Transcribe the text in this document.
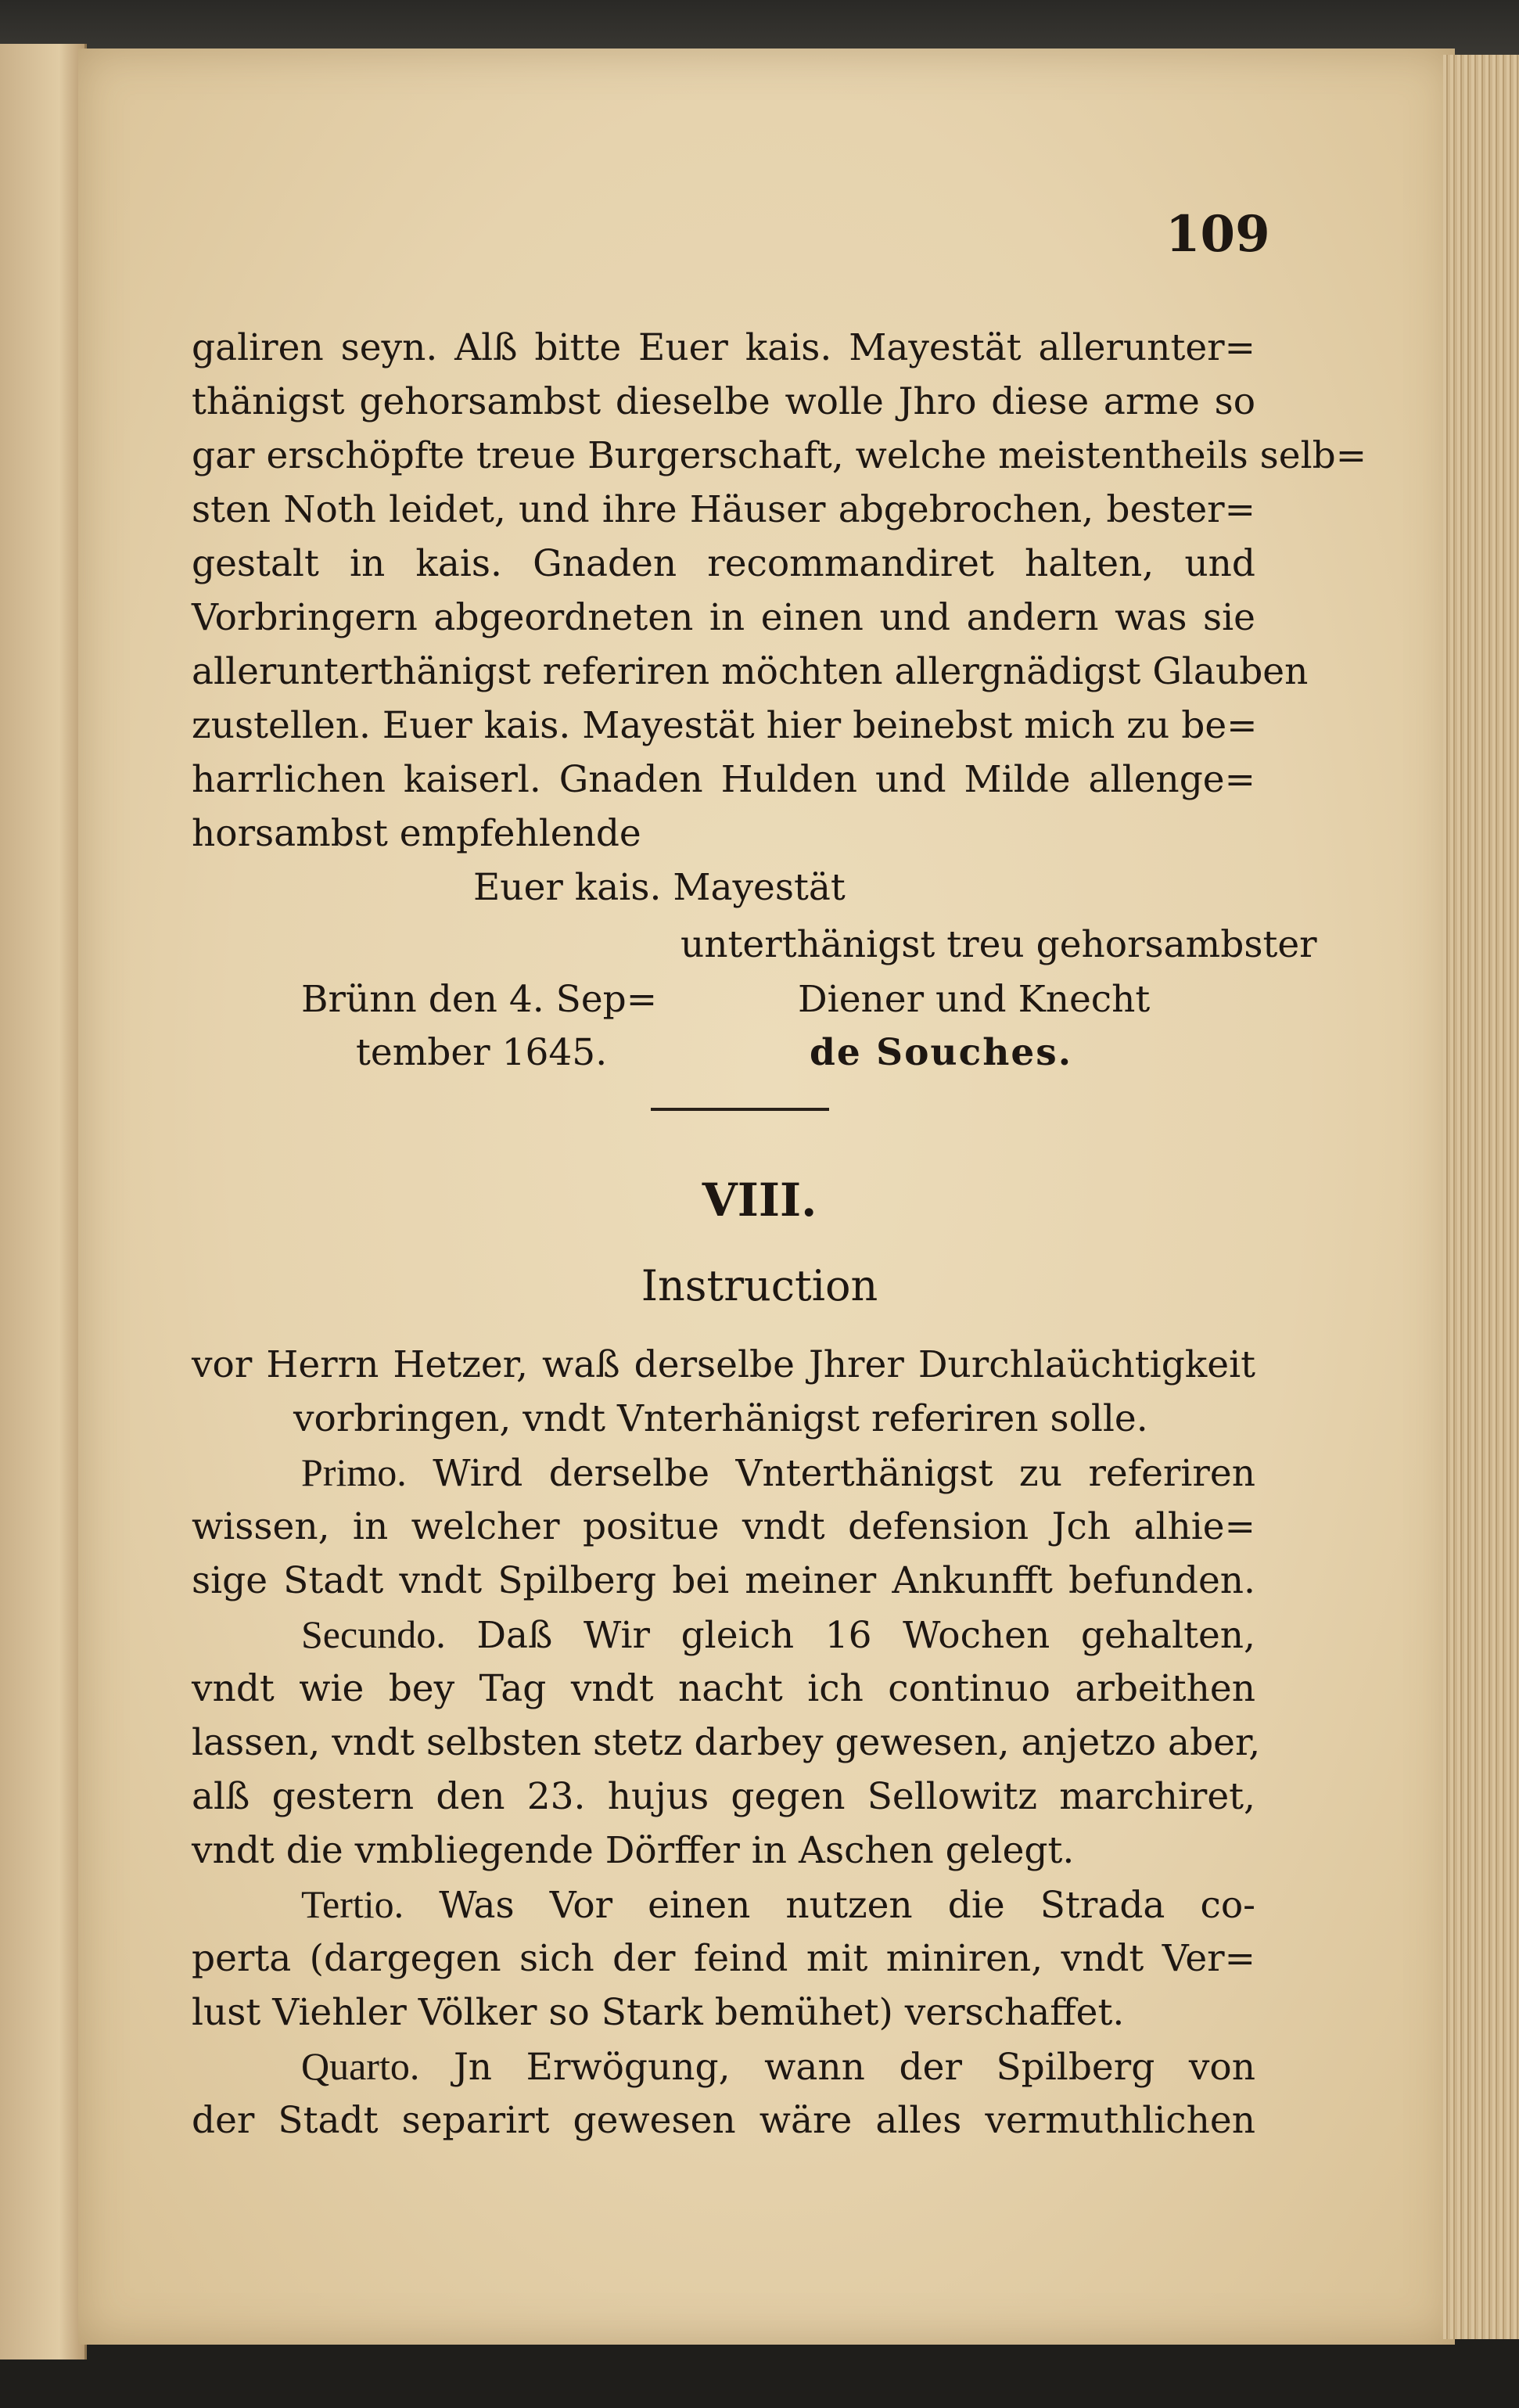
109
galiren seyn. Alß bitte Euer kais. Mayestät allerunter=
thänigst gehorsambst dieselbe wolle Jhro diese arme so
gar erschöpfte treue Burgerschaft, welche meistentheils selb=
sten Noth leidet, und ihre Häuser abgebrochen, bester=
gestalt in kais. Gnaden recommandiret halten, und
Vorbringern abgeordneten in einen und andern was sie
allerunterthänigst referiren möchten allergnädigst Glauben
zustellen. Euer kais. Mayestät hier beinebst mich zu be=
harrlichen kaiserl. Gnaden Hulden und Milde allenge=
horsambst empfehlende
Euer kais. Mayestät
unterthänigst treu gehorsambster
Brünn den 4. Sep=	Diener und Knecht
tember 1645.	de Souches.
VIII.
Instruction
vor Herrn Hetzer, waß derselbe Jhrer Durchlaüchtigkeit
vorbringen, vndt Vnterhänigst referiren solle.
Primo. Wird derselbe Vnterthänigst zu referiren
wissen, in welcher positue vndt defension Jch alhie=
sige Stadt vndt Spilberg bei meiner Ankunfft befunden.
Secundo. Daß Wir gleich 16 Wochen gehalten,
vndt wie bey Tag vndt nacht ich continuo arbeithen
lassen, vndt selbsten stetz darbey gewesen, anjetzo aber,
alß gestern den 23. hujus gegen Sellowitz marchiret,
vndt die vmbliegende Dörffer in Aschen gelegt.
Tertio. Was Vor einen nutzen die Strada co-
perta (dargegen sich der feind mit miniren, vndt Ver=
lust Viehler Völker so Stark bemühet) verschaffet.
Quarto. Jn Erwögung, wann der Spilberg von
der Stadt separirt gewesen wäre alles vermuthlichen
